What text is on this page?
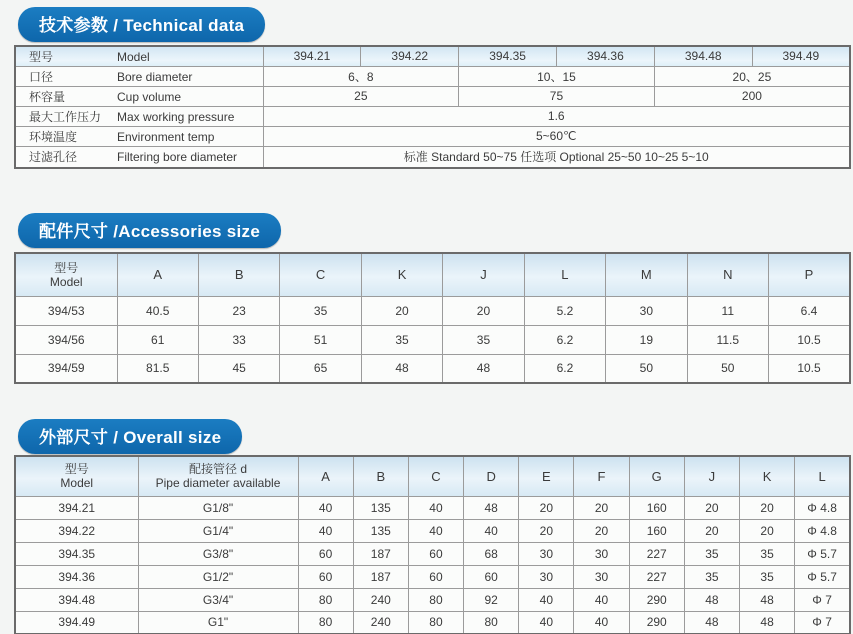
技术参数 / Technical data
型号 Model	394.21	394.22	394.35	394.36	394.48	394.49
口径 Bore diameter	6、8		10、15		20、25	
杯容量 Cup volume	25		75		200	
最大工作压力 Max working pressure	1.6					
环境温度 Environment temp	5~60℃					
过滤孔径 Filtering bore diameter	标准 Standard 50~75 任选项 Optional 25~50 10~25 5~10					
配件尺寸 /Accessories size
型号
Model	A	B	C	K	J	L	M	N	P
394/53	40.5	23	35	20	20	5.2	30	11	6.4
394/56	61	33	51	35	35	6.2	19	11.5	10.5
394/59	81.5	45	65	48	48	6.2	50	50	10.5
外部尺寸 / Overall size
型号
Model

配接管径 d
Pipe diameter available	A	B	C	D	E	F	G	J	K	L
394.21	G1/8"	40	135	40	48	20	20	160	20	20	Φ 4.8
394.22	G1/4"	40	135	40	40	20	20	160	20	20	Φ 4.8
394.35	G3/8"	60	187	60	68	30	30	227	35	35	Φ 5.7
394.36	G1/2"	60	187	60	60	30	30	227	35	35	Φ 5.7
394.48	G3/4"	80	240	80	92	40	40	290	48	48	Φ 7
394.49	G1"	80	240	80	80	40	40	290	48	48	Φ 7
